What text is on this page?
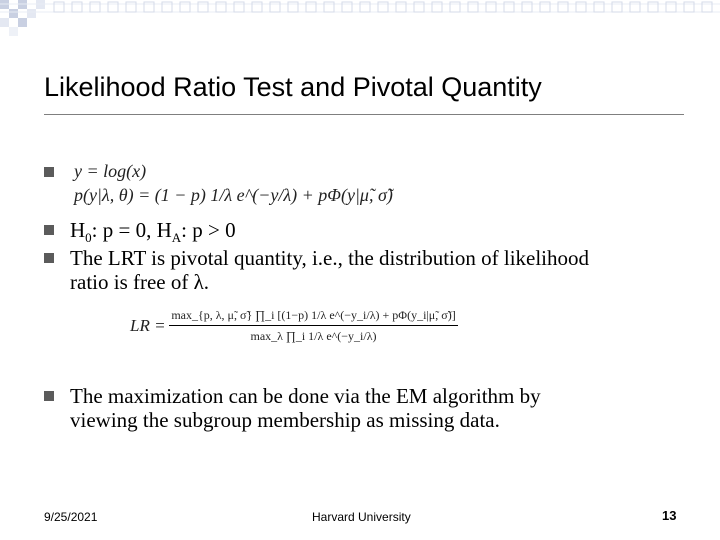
Likelihood Ratio Test and Pivotal Quantity
y = log(x)
p(y|λ, θ) = (1 − p) 1/λ e^(−y/λ) + pΦ(y|μ̃, σ̃)
$H_0$: p = 0, $H_A$: p > 0
The LRT is pivotal quantity, i.e., the distribution of likelihood
ratio is free of λ.
LR =
max_{p, λ, μ̃, σ̃} ∏_i [(1−p) 1/λ e^(−y_i/λ) + pΦ(y_i|μ̃, σ̃)]
max_λ ∏_i 1/λ e^(−y_i/λ)
The maximization can be done via the EM algorithm by
viewing the subgroup membership as missing data.
9/25/2021	Harvard University	13
